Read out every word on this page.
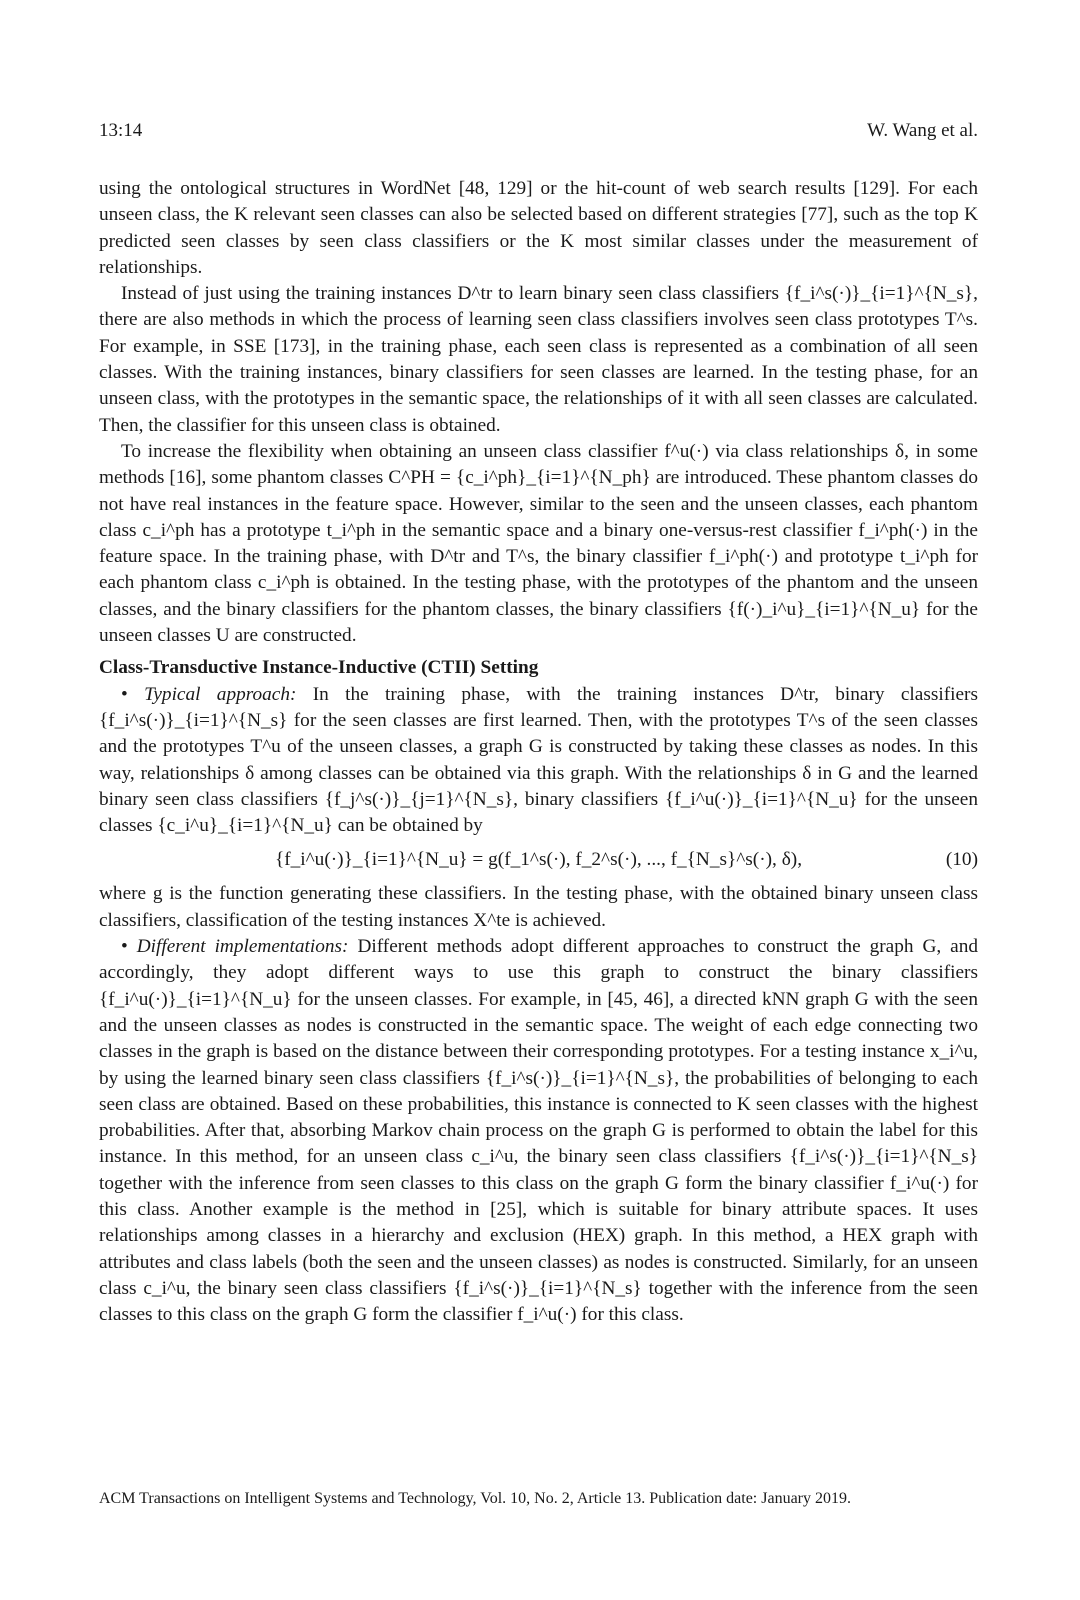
13:14	W. Wang et al.

using the ontological structures in WordNet [48, 129] or the hit-count of web search results [129]. For each unseen class, the K relevant seen classes can also be selected based on different strategies [77], such as the top K predicted seen classes by seen class classifiers or the K most similar classes under the measurement of relationships.

Instead of just using the training instances D^tr to learn binary seen class classifiers {f_i^s(·)}_{i=1}^{N_s}, there are also methods in which the process of learning seen class classifiers involves seen class prototypes T^s. For example, in SSE [173], in the training phase, each seen class is represented as a combination of all seen classes. With the training instances, binary classifiers for seen classes are learned. In the testing phase, for an unseen class, with the prototypes in the semantic space, the relationships of it with all seen classes are calculated. Then, the classifier for this unseen class is obtained.

To increase the flexibility when obtaining an unseen class classifier f^u(·) via class relationships δ, in some methods [16], some phantom classes C^PH = {c_i^ph}_{i=1}^{N_ph} are introduced. These phantom classes do not have real instances in the feature space. However, similar to the seen and the unseen classes, each phantom class c_i^ph has a prototype t_i^ph in the semantic space and a binary one-versus-rest classifier f_i^ph(·) in the feature space. In the training phase, with D^tr and T^s, the binary classifier f_i^ph(·) and prototype t_i^ph for each phantom class c_i^ph is obtained. In the testing phase, with the prototypes of the phantom and the unseen classes, and the binary classifiers for the phantom classes, the binary classifiers {f(·)_i^u}_{i=1}^{N_u} for the unseen classes U are constructed.

Class-Transductive Instance-Inductive (CTII) Setting

• Typical approach: In the training phase, with the training instances D^tr, binary classifiers {f_i^s(·)}_{i=1}^{N_s} for the seen classes are first learned. Then, with the prototypes T^s of the seen classes and the prototypes T^u of the unseen classes, a graph G is constructed by taking these classes as nodes. In this way, relationships δ among classes can be obtained via this graph. With the relationships δ in G and the learned binary seen class classifiers {f_j^s(·)}_{j=1}^{N_s}, binary classifiers {f_i^u(·)}_{i=1}^{N_u} for the unseen classes {c_i^u}_{i=1}^{N_u} can be obtained by

{f_i^u(·)}_{i=1}^{N_u} = g(f_1^s(·), f_2^s(·), ..., f_{N_s}^s(·), δ),	(10)

where g is the function generating these classifiers. In the testing phase, with the obtained binary unseen class classifiers, classification of the testing instances X^te is achieved.

• Different implementations: Different methods adopt different approaches to construct the graph G, and accordingly, they adopt different ways to use this graph to construct the binary classifiers {f_i^u(·)}_{i=1}^{N_u} for the unseen classes. For example, in [45, 46], a directed kNN graph G with the seen and the unseen classes as nodes is constructed in the semantic space. The weight of each edge connecting two classes in the graph is based on the distance between their corresponding prototypes. For a testing instance x_i^u, by using the learned binary seen class classifiers {f_i^s(·)}_{i=1}^{N_s}, the probabilities of belonging to each seen class are obtained. Based on these probabilities, this instance is connected to K seen classes with the highest probabilities. After that, absorbing Markov chain process on the graph G is performed to obtain the label for this instance. In this method, for an unseen class c_i^u, the binary seen class classifiers {f_i^s(·)}_{i=1}^{N_s} together with the inference from seen classes to this class on the graph G form the binary classifier f_i^u(·) for this class. Another example is the method in [25], which is suitable for binary attribute spaces. It uses relationships among classes in a hierarchy and exclusion (HEX) graph. In this method, a HEX graph with attributes and class labels (both the seen and the unseen classes) as nodes is constructed. Similarly, for an unseen class c_i^u, the binary seen class classifiers {f_i^s(·)}_{i=1}^{N_s} together with the inference from the seen classes to this class on the graph G form the classifier f_i^u(·) for this class.

ACM Transactions on Intelligent Systems and Technology, Vol. 10, No. 2, Article 13. Publication date: January 2019.
